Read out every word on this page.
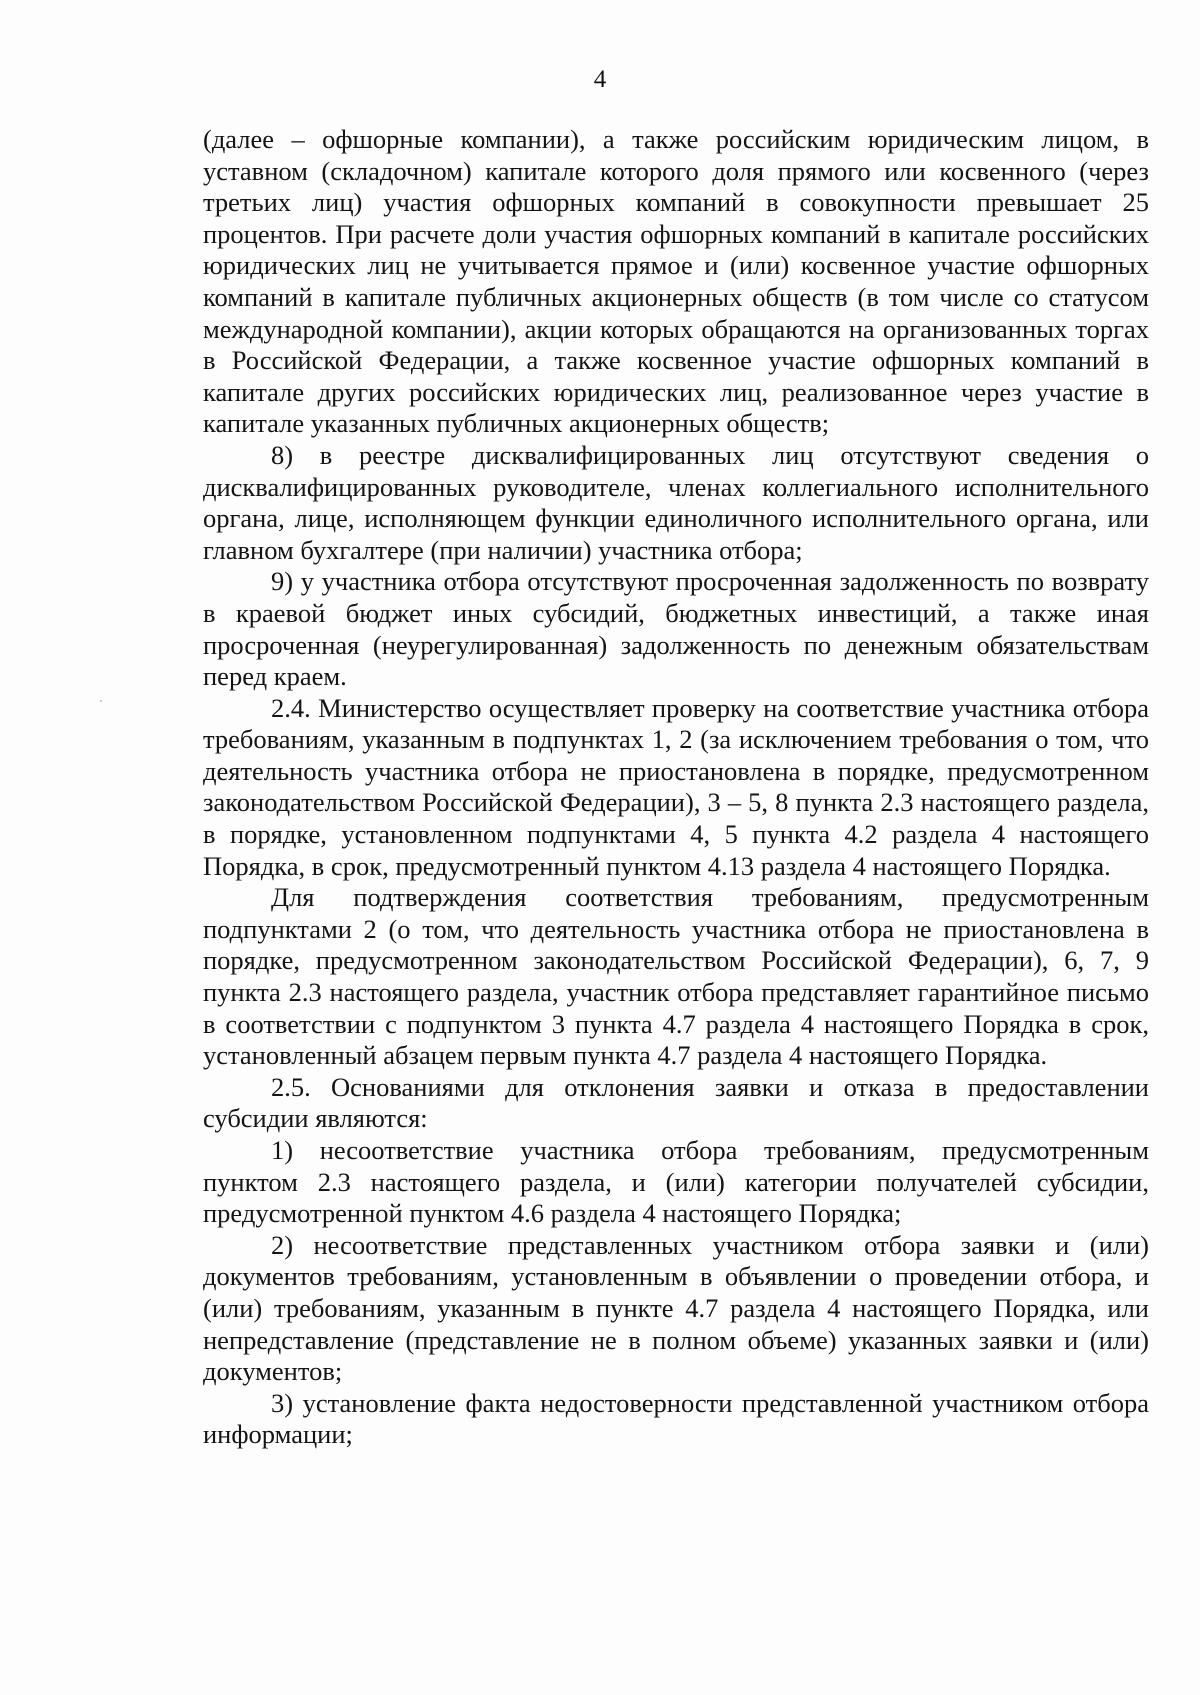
4

(далее – офшорные компании), а также российским юридическим лицом, в уставном (складочном) капитале которого доля прямого или косвенного (через третьих лиц) участия офшорных компаний в совокупности превышает 25 процентов. При расчете доли участия офшорных компаний в капитале российских юридических лиц не учитывается прямое и (или) косвенное участие офшорных компаний в капитале публичных акционерных обществ (в том числе со статусом международной компании), акции которых обращаются на организованных торгах в Российской Федерации, а также косвенное участие офшорных компаний в капитале других российских юридических лиц, реализованное через участие в капитале указанных публичных акционерных обществ;

8) в реестре дисквалифицированных лиц отсутствуют сведения о дисквалифицированных руководителе, членах коллегиального исполнительного органа, лице, исполняющем функции единоличного исполнительного органа, или главном бухгалтере (при наличии) участника отбора;

9) у участника отбора отсутствуют просроченная задолженность по возврату в краевой бюджет иных субсидий, бюджетных инвестиций, а также иная просроченная (неурегулированная) задолженность по денежным обязательствам перед краем.

2.4. Министерство осуществляет проверку на соответствие участника отбора требованиям, указанным в подпунктах 1, 2 (за исключением требования о том, что деятельность участника отбора не приостановлена в порядке, предусмотренном законодательством Российской Федерации), 3 – 5, 8 пункта 2.3 настоящего раздела, в порядке, установленном подпунктами 4, 5 пункта 4.2 раздела 4 настоящего Порядка, в срок, предусмотренный пунктом 4.13 раздела 4 настоящего Порядка.

Для подтверждения соответствия требованиям, предусмотренным подпунктами 2 (о том, что деятельность участника отбора не приостановлена в порядке, предусмотренном законодательством Российской Федерации), 6, 7, 9 пункта 2.3 настоящего раздела, участник отбора представляет гарантийное письмо в соответствии с подпунктом 3 пункта 4.7 раздела 4 настоящего Порядка в срок, установленный абзацем первым пункта 4.7 раздела 4 настоящего Порядка.

2.5. Основаниями для отклонения заявки и отказа в предоставлении субсидии являются:

1) несоответствие участника отбора требованиям, предусмотренным пунктом 2.3 настоящего раздела, и (или) категории получателей субсидии, предусмотренной пунктом 4.6 раздела 4 настоящего Порядка;

2) несоответствие представленных участником отбора заявки и (или) документов требованиям, установленным в объявлении о проведении отбора, и (или) требованиям, указанным в пункте 4.7 раздела 4 настоящего Порядка, или непредставление (представление не в полном объеме) указанных заявки и (или) документов;

3) установление факта недостоверности представленной участником отбора информации;
